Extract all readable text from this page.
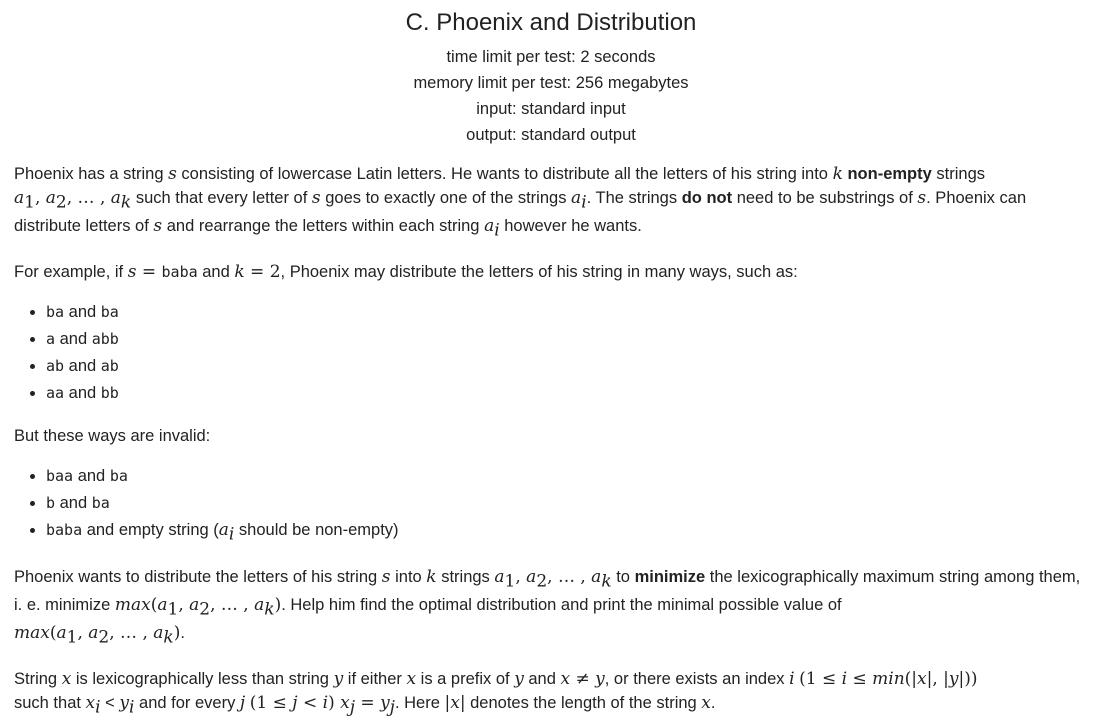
C. Phoenix and Distribution
time limit per test: 2 seconds
memory limit per test: 256 megabytes
input: standard input
output: standard output

Phoenix has a string s consisting of lowercase Latin letters. He wants to distribute all the letters of his string into k non-empty strings
$a_1$, $a_2$, … , $a_k$ such that every letter of s goes to exactly one of the strings $a_i$. The strings do not need to be substrings of s. Phoenix can distribute letters of s and rearrange the letters within each string $a_i$ however he wants.

For example, if s = baba and k = 2, Phoenix may distribute the letters of his string in many ways, such as:

• ba and ba
• a and abb
• ab and ab
• aa and bb

But these ways are invalid:

• baa and ba
• b and ba
• baba and empty string ($a_i$ should be non-empty)

Phoenix wants to distribute the letters of his string s into k strings $a_1$, $a_2$, … , $a_k$ to minimize the lexicographically maximum string among them, i. e. minimize $\max(a_1$, $a_2$, … , $a_k$). Help him find the optimal distribution and print the minimal possible value of
$\max(a_1$, $a_2$, … , $a_k$).

String x is lexicographically less than string y if either x is a prefix of y and x ≠ y, or there exists an index i (1 ≤ i ≤ min(|x|, |y|))
such that $x_i < y_i$ and for every j (1 ≤ j < i) $x_j = y_j$. Here |x| denotes the length of the string x.
